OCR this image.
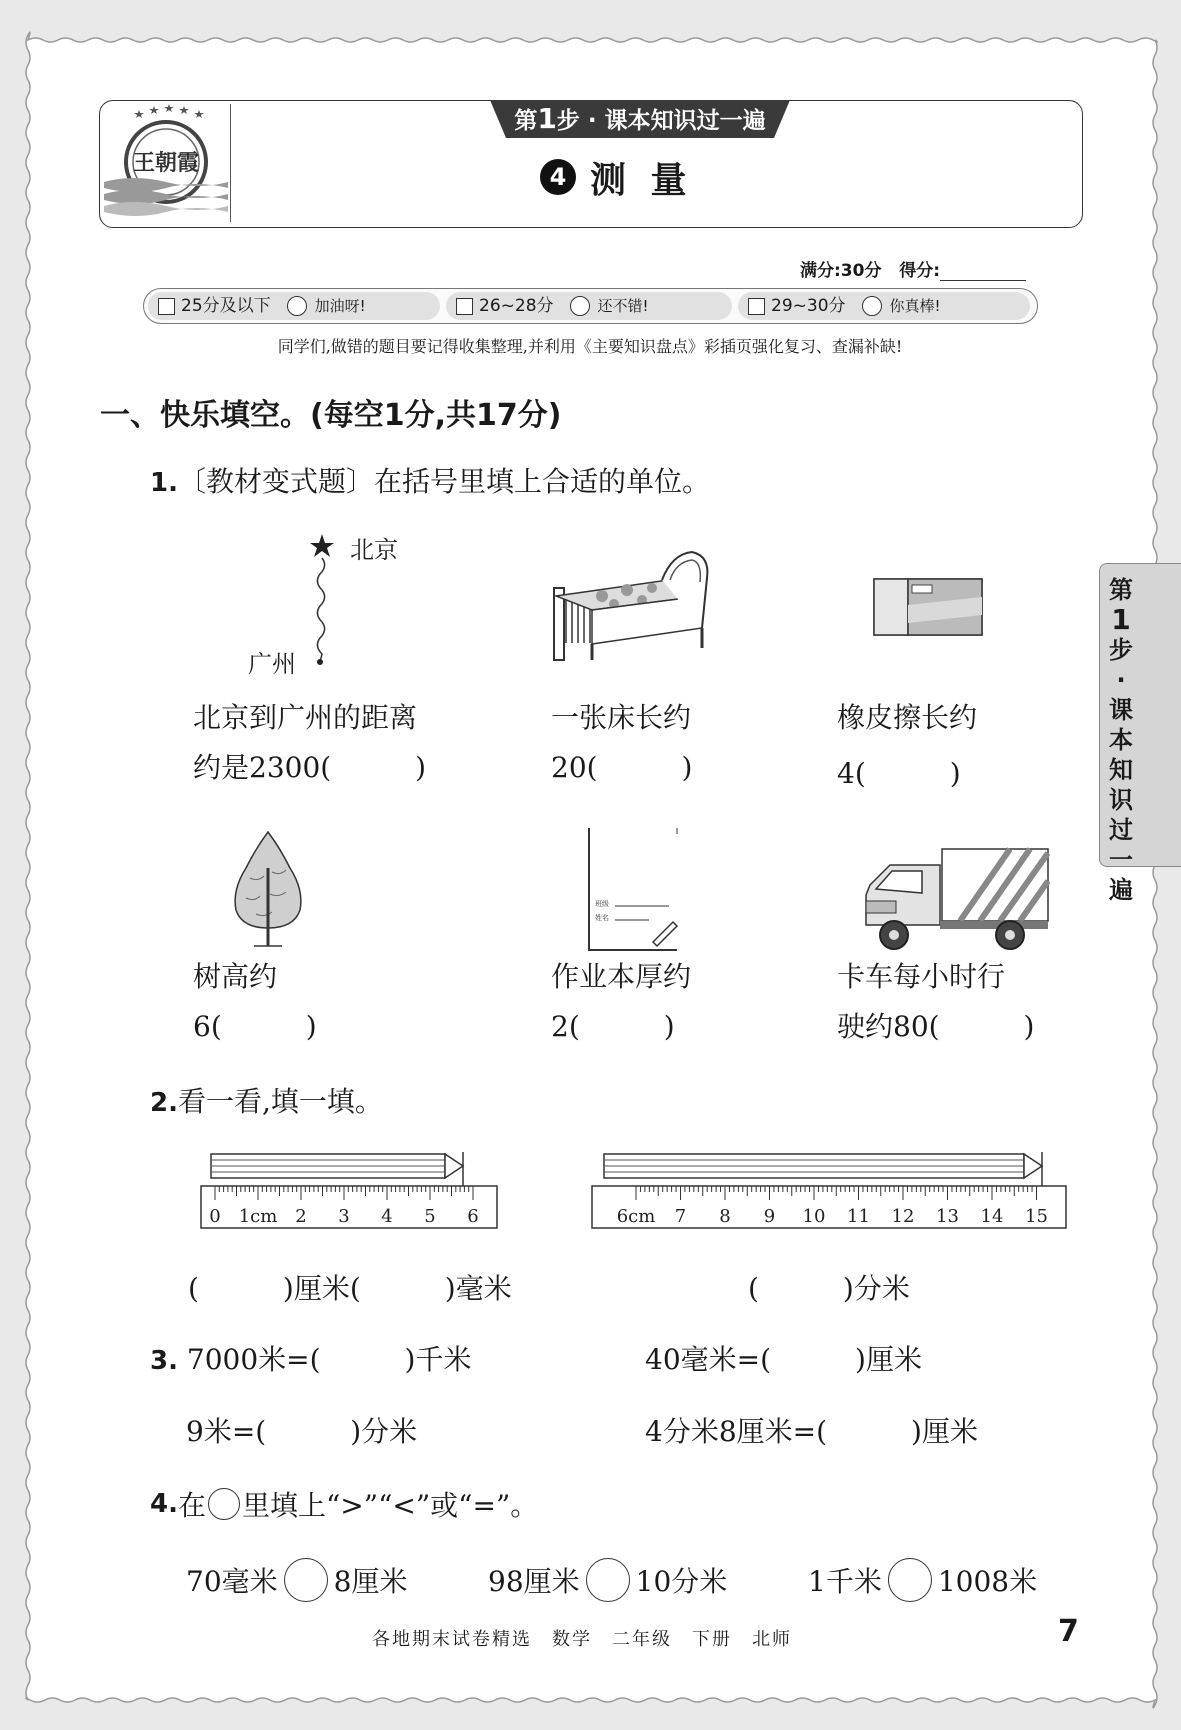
王朝霞
第1步 · 课本知识过一遍
4 测 量
满分:30分 得分:
25分及以下	加油呀!	26~28分	还不错!	29~30分	你真棒!
同学们,做错的题目要记得收集整理,并利用《主要知识盘点》彩插页强化复习、查漏补缺!
一、快乐填空。(每空1分,共17分)
1.〔教材变式题〕在括号里填上合适的单位。
北京
广州
北京到广州的距离
约是2300(　　　)
一张床长约
20(　　　)
橡皮擦长约
4(　　　)
班级
姓名
树高约
6(　　　)
作业本厚约
2(　　　)
卡车每小时行
驶约80(　　　)
2.看一看,填一填。
0 1cm 2 3 4 5 6	6cm 7 8 9 10 11 12 13 14 15
(　　　)厘米(　　　)毫米	(　　　)分米
3. 7000米=(　　　)千米	40毫米=(　　　)厘米
9米=(　　　)分米	4分米8厘米=(　　　)厘米
4. 在 里填上“>”“<”或“=”。
70毫米 8厘米	98厘米 10分米	1千米 1008米
第
1
步
·
课
本
知
识
过
一
遍
各地期末试卷精选　数学　二年级　下册　北师	7
